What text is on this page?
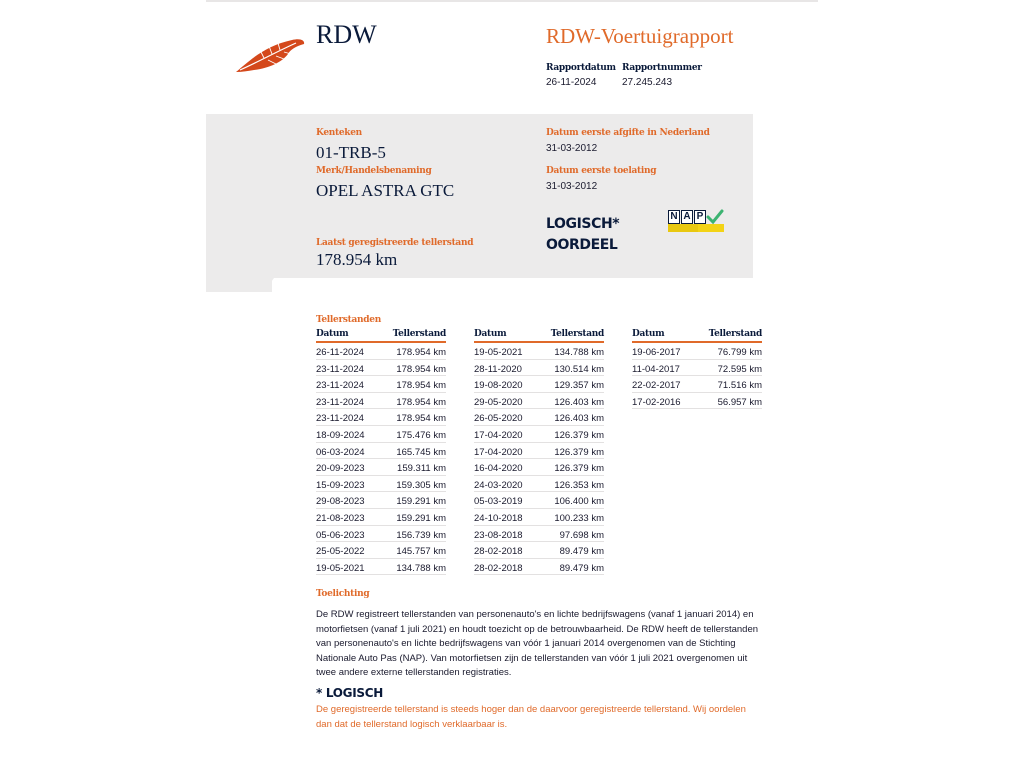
RDW	RDW-Voertuigrapport
Rapportdatum
26-11-2024
Rapportnummer
27.245.243
Kenteken
01-TRB-5
Merk/Handelsbenaming
OPEL ASTRA GTC
Laatst geregistreerde tellerstand
178.954 km
Datum eerste afgifte in Nederland
31-03-2012
Datum eerste toelating
31-03-2012
LOGISCH*
OORDEEL
N A P
Tellerstanden
Datum	Tellerstand
26-11-2024	178.954 km
23-11-2024	178.954 km
23-11-2024	178.954 km
23-11-2024	178.954 km
23-11-2024	178.954 km
18-09-2024	175.476 km
06-03-2024	165.745 km
20-09-2023	159.311 km
15-09-2023	159.305 km
29-08-2023	159.291 km
21-08-2023	159.291 km
05-06-2023	156.739 km
25-05-2022	145.757 km
19-05-2021	134.788 km
Datum	Tellerstand
19-05-2021	134.788 km
28-11-2020	130.514 km
19-08-2020	129.357 km
29-05-2020	126.403 km
26-05-2020	126.403 km
17-04-2020	126.379 km
17-04-2020	126.379 km
16-04-2020	126.379 km
24-03-2020	126.353 km
05-03-2019	106.400 km
24-10-2018	100.233 km
23-08-2018	97.698 km
28-02-2018	89.479 km
28-02-2018	89.479 km
Datum	Tellerstand
19-06-2017	76.799 km
11-04-2017	72.595 km
22-02-2017	71.516 km
17-02-2016	56.957 km
Toelichting
De RDW registreert tellerstanden van personenauto's en lichte bedrijfswagens (vanaf 1 januari 2014) en motorfietsen (vanaf 1 juli 2021) en houdt toezicht op de betrouwbaarheid. De RDW heeft de tellerstanden van personenauto's en lichte bedrijfswagens van vóór 1 januari 2014 overgenomen van de Stichting Nationale Auto Pas (NAP). Van motorfietsen zijn de tellerstanden van vóór 1 juli 2021 overgenomen uit twee andere externe tellerstanden registraties.
* LOGISCH
De geregistreerde tellerstand is steeds hoger dan de daarvoor geregistreerde tellerstand. Wij oordelen dan dat de tellerstand logisch verklaarbaar is.
